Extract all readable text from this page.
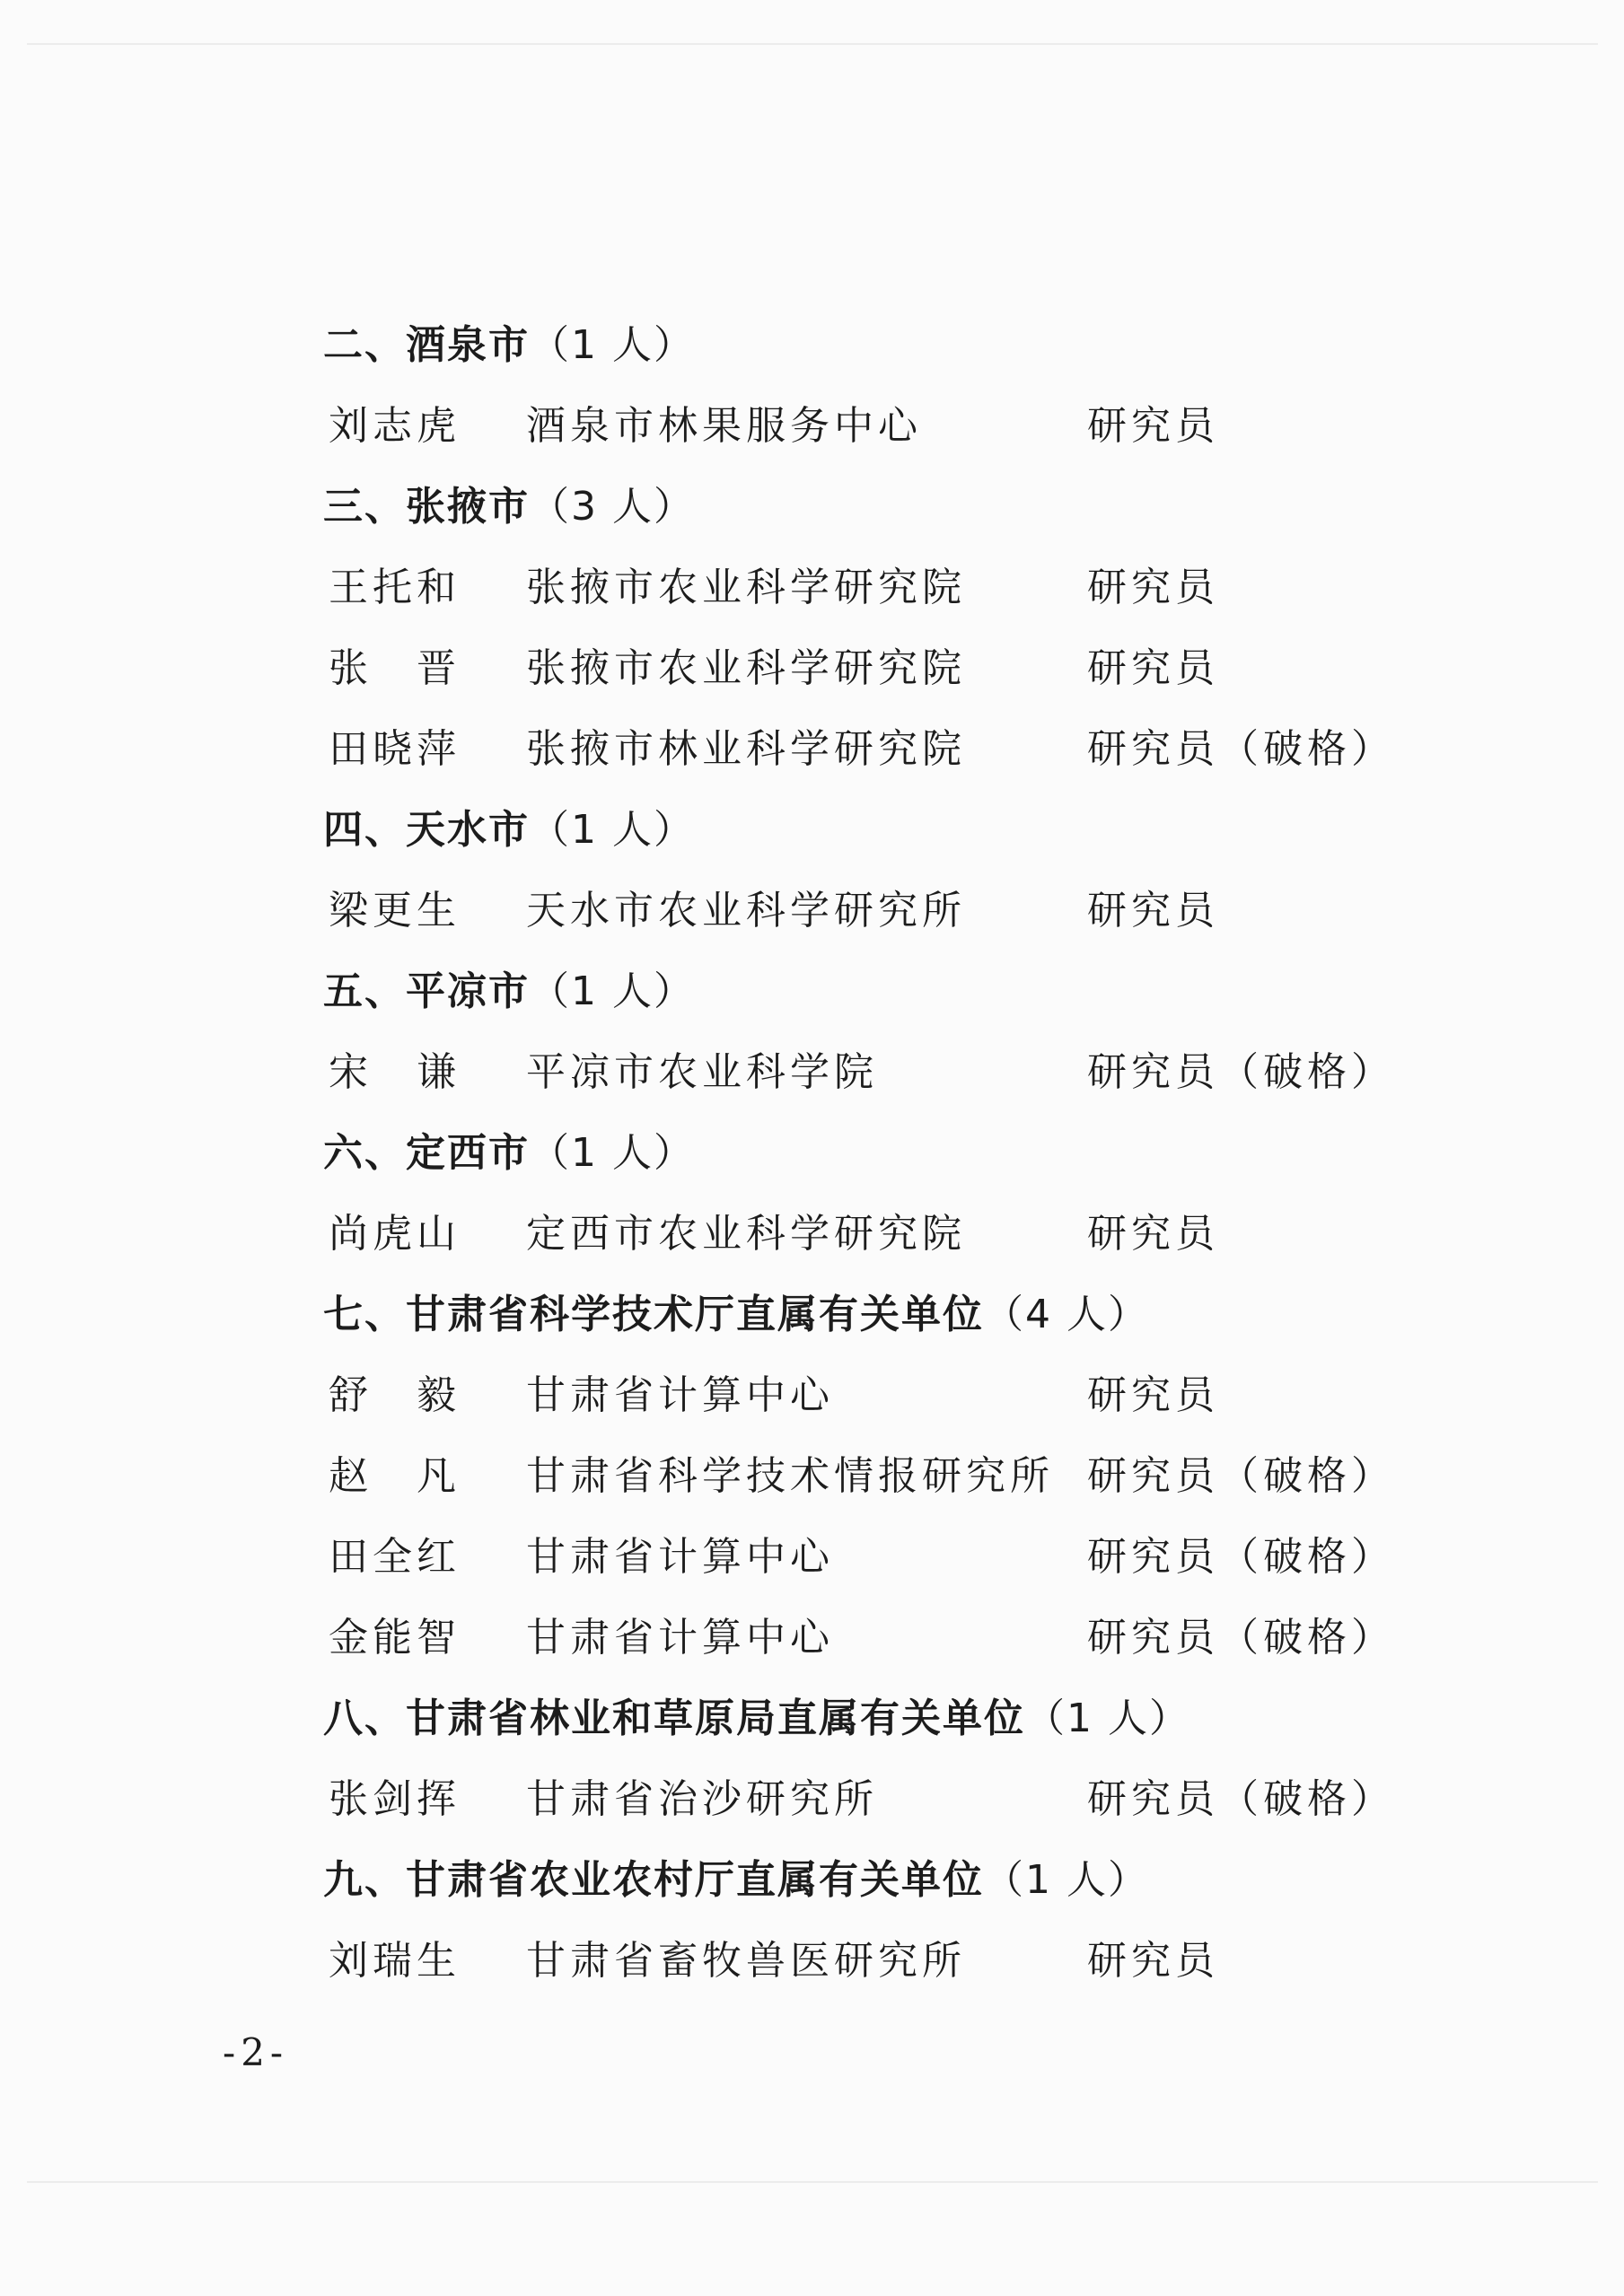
二、酒泉市（1 人）
刘志虎	酒泉市林果服务中心	研究员
三、张掖市（3 人）
王托和	张掖市农业科学研究院	研究员
张　晋	张掖市农业科学研究院	研究员
田晓萍	张掖市林业科学研究院	研究员（破格）
四、天水市（1 人）
梁更生	天水市农业科学研究所	研究员
五、平凉市（1 人）
宋　谦	平凉市农业科学院	研究员（破格）
六、定西市（1 人）
尚虎山	定西市农业科学研究院	研究员
七、甘肃省科学技术厅直属有关单位（4 人）
舒　毅	甘肃省计算中心	研究员
赵　凡	甘肃省科学技术情报研究所 研究员（破格）
田全红	甘肃省计算中心	研究员（破格）
金能智	甘肃省计算中心	研究员（破格）
八、甘肃省林业和草原局直属有关单位（1 人）
张剑挥	甘肃省治沙研究所	研究员（破格）
九、甘肃省农业农村厅直属有关单位（1 人）
刘瑞生	甘肃省畜牧兽医研究所	研究员
-2-
